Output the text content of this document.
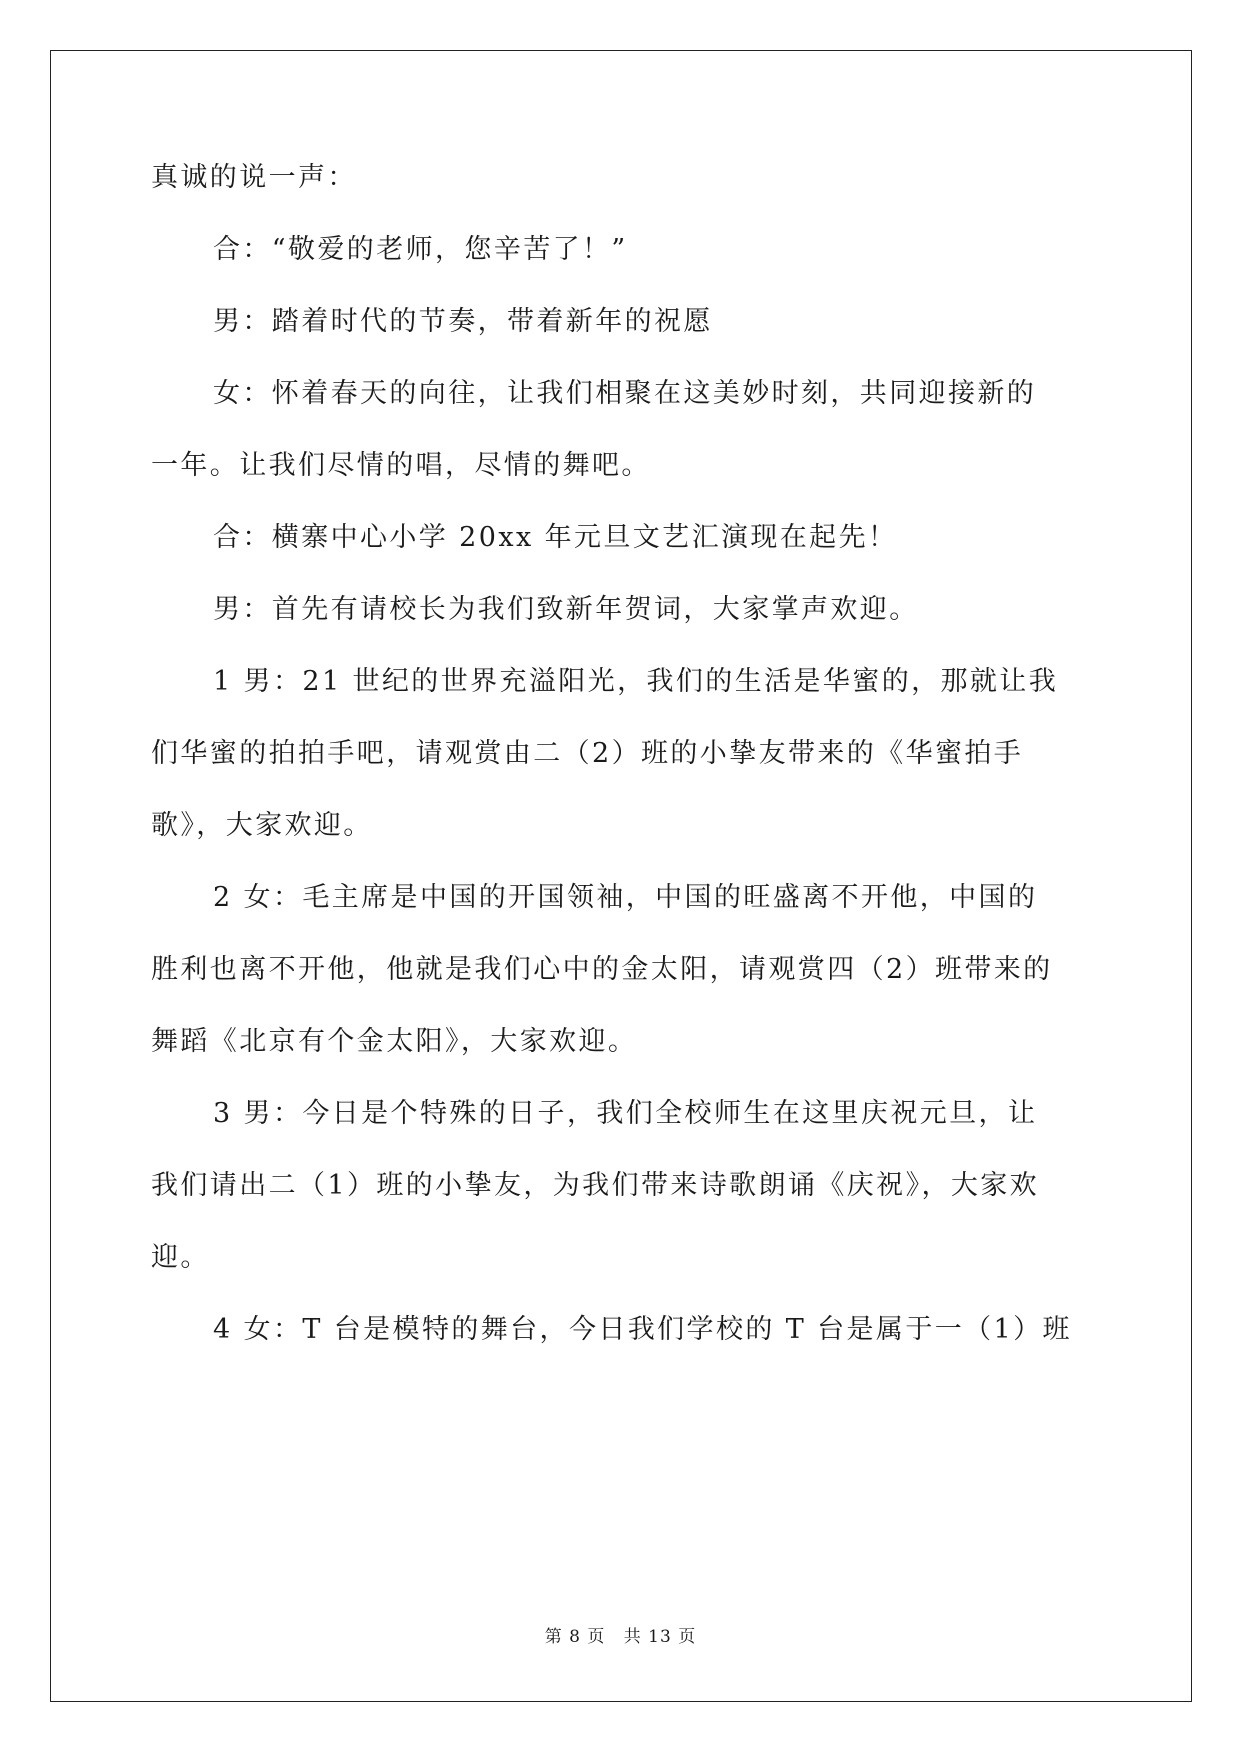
真诚的说一声：
合：“敬爱的老师，您辛苦了！”
男：踏着时代的节奏，带着新年的祝愿
女：怀着春天的向往，让我们相聚在这美妙时刻，共同迎接新的
一年。让我们尽情的唱，尽情的舞吧。
合：横寨中心小学 20xx 年元旦文艺汇演现在起先！
男：首先有请校长为我们致新年贺词，大家掌声欢迎。
1 男：21 世纪的世界充溢阳光，我们的生活是华蜜的，那就让我
们华蜜的拍拍手吧，请观赏由二（2）班的小挚友带来的《华蜜拍手
歌》，大家欢迎。
2 女：毛主席是中国的开国领袖，中国的旺盛离不开他，中国的
胜利也离不开他，他就是我们心中的金太阳，请观赏四（2）班带来的
舞蹈《北京有个金太阳》，大家欢迎。
3 男：今日是个特殊的日子，我们全校师生在这里庆祝元旦，让
我们请出二（1）班的小挚友，为我们带来诗歌朗诵《庆祝》，大家欢
迎。
4 女：T 台是模特的舞台，今日我们学校的 T 台是属于一（1）班
第 8 页 共 13 页
